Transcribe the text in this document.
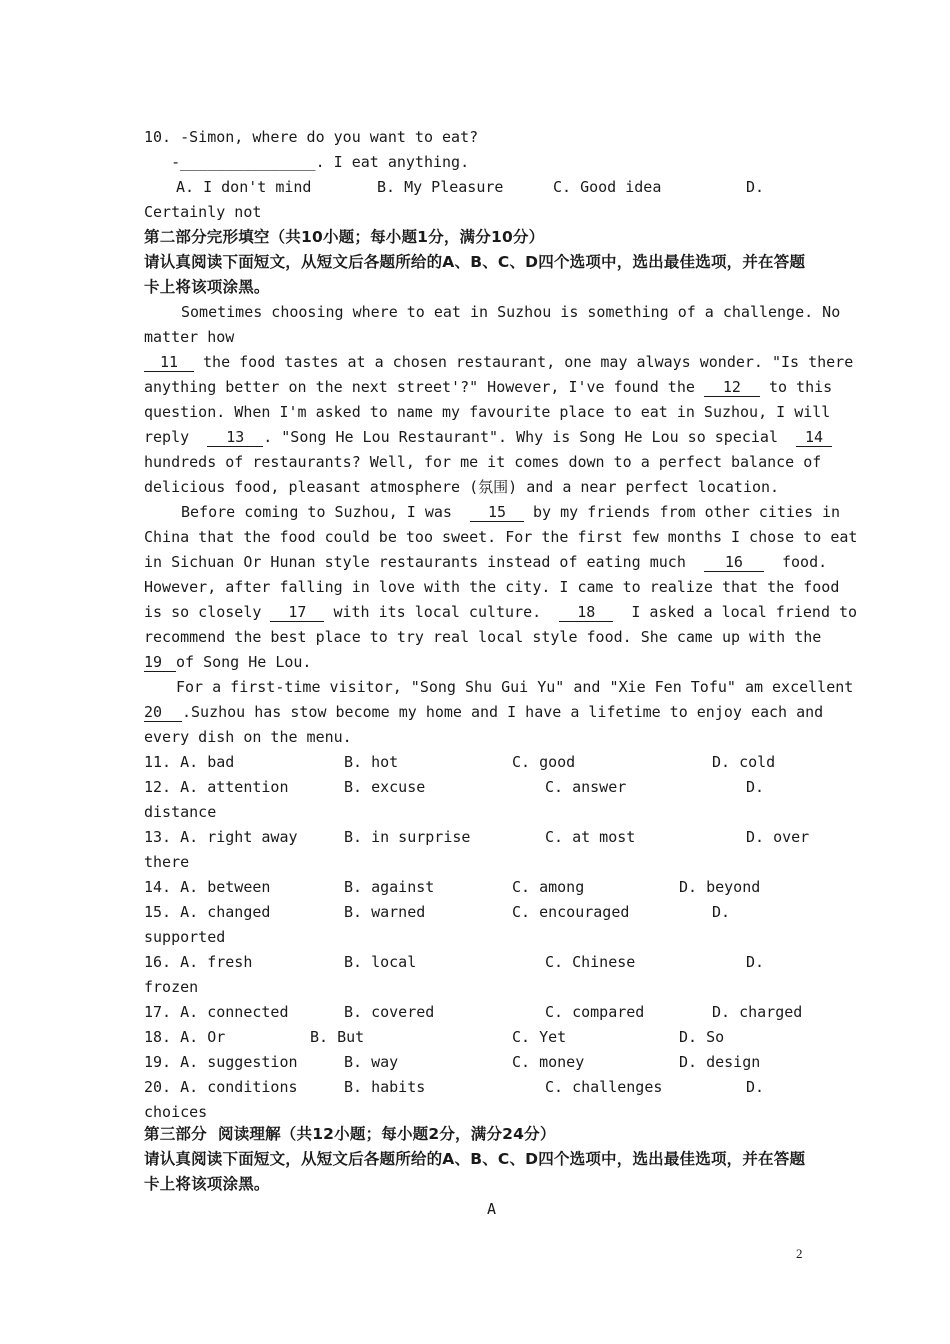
10. -Simon, where do you want to eat?
-_______________. I eat anything.
A. I don't mind	B. My Pleasure	C. Good idea	D.
Certainly not
第二部分完形填空（共10小题；每小题1分，满分10分）
请认真阅读下面短文，从短文后各题所给的A、B、C、D四个选项中，选出最佳选项，并在答题
卡上将该项涂黑。
Sometimes choosing where to eat in Suzhou is something of a challenge. No
matter how
11 the food tastes at a chosen restaurant, one may always wonder. "Is there
anything better on the next street'?" However, I've found the 12 to this
question. When I'm asked to name my favourite place to eat in Suzhou, I will
reply 13 . "Song He Lou Restaurant". Why is Song He Lou so special 14
hundreds of restaurants? Well, for me it comes down to a perfect balance of
delicious food, pleasant atmosphere (氛围) and a near perfect location.
Before coming to Suzhou, I was 15 by my friends from other cities in
China that the food could be too sweet. For the first few months I chose to eat
in Sichuan Or Hunan style restaurants instead of eating much	16	food.
However, after falling in love with the city. I came to realize that the food
is so closely 17 with its local culture. 18 I asked a local friend to
recommend the best place to try real local style food. She came up with the
19 of Song He Lou.
For a first-time visitor, "Song Shu Gui Yu" and "Xie Fen Tofu" am excellent
20 .Suzhou has stow become my home and I have a lifetime to enjoy each and
every dish on the menu.
11. A. bad	B. hot	C. good	D. cold
12. A. attention	B. excuse	C. answer	D.
distance
13. A. right away	B. in surprise	C. at most	D. over
there
14. A. between	B. against	C. among	D. beyond
15. A. changed	B. warned	C. encouraged	D.
supported
16. A. fresh	B. local	C. Chinese	D.
frozen
17. A. connected	B. covered	C. compared	D. charged
18. A. Or	B. But	C. Yet	D. So
19. A. suggestion	B. way	C. money	D. design
20. A. conditions	B. habits	C. challenges	D.
choices
第三部分  阅读理解（共12小题；每小题2分，满分24分）
请认真阅读下面短文，从短文后各题所给的A、B、C、D四个选项中，选出最佳选项，并在答题
卡上将该项涂黑。
A
2
